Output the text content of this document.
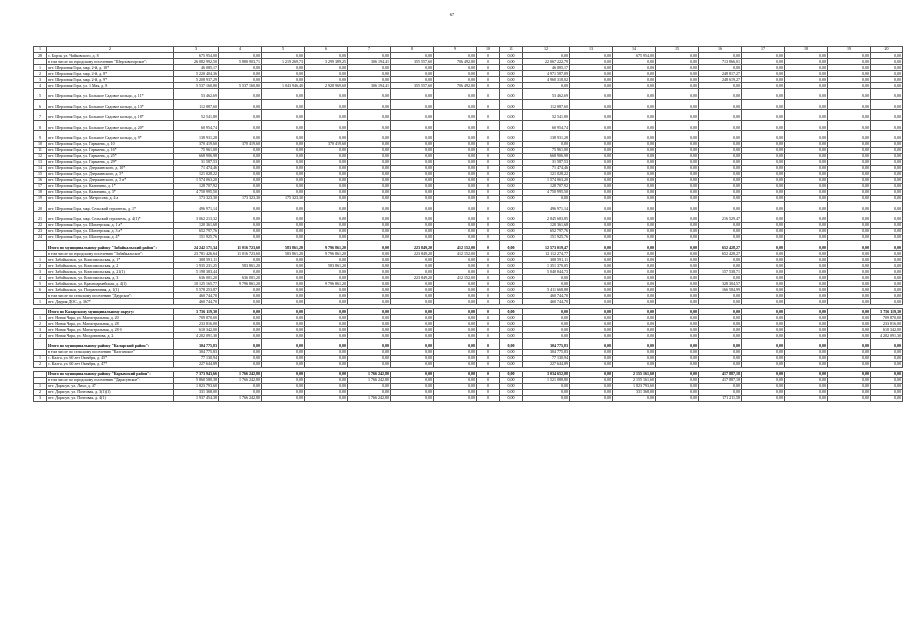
67
1	2	3	4	5	6	7	8	9	10	11	12	13	14	15	16	17	18	19	20
28	с. Борзя, ул. Чайковского, д. 8	675 954,00	0,00	0,00	0,00	0,00	0,00	0,00	0	0,00	0,00	0,00	675 954,00	0,00	0,00	0,00	0,00	0,00	0,00
	в том числе по городскому поселению "Шерловогорское":	26 082 992,50	5 880 903,71	1 219 269,73	3 299 389,25	306 194,41	355 557,60	706 492,80	0	0,00	22 067 222,79	0,00	0,00	0,00	713 866,01	0,00	0,00	0,00	0,00
1	пгт. Шерловая Гора, мкр. 2-й, д. 10*	46 085,17	0,00	0,00	0,00	0,00	0,00	0,00	0	0,00	46 085,17	0,00	0,00	0,00	0,00	0,00	0,00	0,00	0,00
2	пгт. Шерловая Гора, мкр. 2-й, д. 8*	5 220 404,36	0,00	0,00	0,00	0,00	0,00	0,00	0	0,00	4 971 587,09	0,00	0,00	0,00	248 817,27	0,00	0,00	0,00	0,00
3	пгт. Шерловая Гора, мкр. 2-й, д. 9*	5 208 937,29	0,00	0,00	0,00	0,00	0,00	0,00	0	0,00	4 960 318,02	0,00	0,00	0,00	248 619,27	0,00	0,00	0,00	0,00
4	пгт. Шерловая Гора, ул. 1 Мая, д. 8	5 537 160,80	5 537 160,80	1 043 946,40	2 928 969,60	306 194,41	355 557,60	706 492,80	0	0,00	0,00	0,00	0,00	0,00	0,00	0,00	0,00	0,00	0,00
5	пгт. Шерловая Гора, ул. Большое Садовое кольцо, д. 11*	53 462,69	0,00	0,00	0,00	0,00	0,00	0,00	0	0,00	53 462,69	0,00	0,00	0,00	0,00	0,00	0,00	0,00	0,00
6	пгт. Шерловая Гора, ул. Большое Садовое кольцо, д. 13*	112 887,60	0,00	0,00	0,00	0,00	0,00	0,00	0	0,00	112 887,60	0,00	0,00	0,00	0,00	0,00	0,00	0,00	0,00
7	пгт. Шерловая Гора, ул. Большое Садовое кольцо, д. 18*	52 541,80	0,00	0,00	0,00	0,00	0,00	0,00	0	0,00	52 541,80	0,00	0,00	0,00	0,00	0,00	0,00	0,00	0,00
8	пгт. Шерловая Гора, ул. Большое Садовое кольцо, д. 20*	60 954,74	0,00	0,00	0,00	0,00	0,00	0,00	0	0,00	60 954,74	0,00	0,00	0,00	0,00	0,00	0,00	0,00	0,00
9	пгт. Шерловая Гора, ул. Большое Садовое кольцо, д. 9*	138 931,28	0,00	0,00	0,00	0,00	0,00	0,00	0	0,00	138 931,28	0,00	0,00	0,00	0,00	0,00	0,00	0,00	0,00
10	пгт. Шерловая Гора, ул. Гармаева, д. 10	370 419,60	370 419,60	0,00	370 419,60	0,00	0,00	0,00	0	0,00	0,00	0,00	0,00	0,00	0,00	0,00	0,00	0,00	0,00
11	пгт. Шерловая Гора, ул. Гармаева, д. 16*	75 961,00	0,00	0,00	0,00	0,00	0,00	0,00	0	0,00	75 961,00	0,00	0,00	0,00	0,00	0,00	0,00	0,00	0,00
12	пгт. Шерловая Гора, ул. Гармаева, д. 25*	668 906,98	0,00	0,00	0,00	0,00	0,00	0,00	0	0,00	668 906,98	0,00	0,00	0,00	0,00	0,00	0,00	0,00	0,00
13	пгт. Шерловая Гора, ул. Гармаева, д. 29*	31 587,53	0,00	0,00	0,00	0,00	0,00	0,00	0	0,00	31 587,53	0,00	0,00	0,00	0,00	0,00	0,00	0,00	0,00
14	пгт. Шерловая Гора, ул. Дзержинского, д. 10*	71 474,46	0,00	0,00	0,00	0,00	0,00	0,00	0	0,00	71 474,46	0,00	0,00	0,00	0,00	0,00	0,00	0,00	0,00
15	пгт. Шерловая Гора, ул. Дзержинского, д. 5*	121 028,22	0,00	0,00	0,00	0,00	0,00	0,00	0	0,00	121 028,22	0,00	0,00	0,00	0,00	0,00	0,00	0,00	0,00
16	пгт. Шерловая Гора, ул. Дзержинского, д. 5 в*	1 574 063,20	0,00	0,00	0,00	0,00	0,00	0,00	0	0,00	1 574 063,20	0,00	0,00	0,00	0,00	0,00	0,00	0,00	0,00
17	пгт. Шерловая Гора, ул. Калинина, д. 1*	128 707,92	0,00	0,00	0,00	0,00	0,00	0,00	0	0,00	128 707,92	0,00	0,00	0,00	0,00	0,00	0,00	0,00	0,00
18	пгт. Шерловая Гора, ул. Калинина, д. 3*	4 750 995,50	0,00	0,00	0,00	0,00	0,00	0,00	0	0,00	4 750 995,50	0,00	0,00	0,00	0,00	0,00	0,00	0,00	0,00
19	пгт. Шерловая Гора, ул. Матросова, д. 4 а	173 323,30	173 323,30	175 323,30	0,00	0,00	0,00	0,00	0	0,00	0,00	0,00	0,00	0,00	0,00	0,00	0,00	0,00	0,00
20	пгт. Шерловая Гора, мкр. Сельский строитель, д. 1*	496 971,14	0,00	0,00	0,00	0,00	0,00	0,00	0	0,00	496 971,14	0,00	0,00	0,00	0,00	0,00	0,00	0,00	0,00
21	пгт. Шерловая Гора, мкр. Сельский строитель, д. 4(1)*	3 062 213,32	0,00	0,00	0,00	0,00	0,00	0,00	0	0,00	2 845 683,85	0,00	0,00	0,00	216 529,47	0,00	0,00	0,00	0,00
22	пгт. Шерловая Гора, ул. Шахтерская, д. 1 а*	120 361,68	0,00	0,00	0,00	0,00	0,00	0,00	0	0,00	120 361,68	0,00	0,00	0,00	0,00	0,00	0,00	0,00	0,00
23	пгт. Шерловая Гора, ул. Шахтерская, д. 3 а*	652 797,76	0,00	0,00	0,00	0,00	0,00	0,00	0	0,00	652 797,76	0,00	0,00	0,00	0,00	0,00	0,00	0,00	0,00
24	пгт. Шерловая Гора, ул. Шахтерская, д. 4*	151 925,76	0,00	0,00	0,00	0,00	0,00	0,00	0	0,00	151 925,76	0,00	0,00	0,00	0,00	0,00	0,00	0,00	0,00
	Итого по муниципальному району "Забайкальский район":	24 242 171,34	11 016 723,60	583 861,20	9 796 861,20	0,00	223 849,20	412 152,00	0	0,00	12 573 019,47	0,00	0,00	0,00	652 428,27	0,00	0,00	0,00	0,00
	в том числе по городскому поселению "Забайкальское":	23 781 426,64	11 016 723,60	583 861,20	9 796 861,20	0,00	223 849,20	412 152,00	0	0,00	12 112 274,77	0,00	0,00	0,00	652 428,27	0,00	0,00	0,00	0,00
1	пгт. Забайкальск, ул. Комсомольская, д. 1*	308 591,11	0,00	0,00	0,00	0,00	0,00	0,00	0	0,00	308 591,11	0,00	0,00	0,00	0,00	0,00	0,00	0,00	0,00
2	пгт. Забайкальск, ул. Комсомольская, д. 2	1 935 231,25	583 861,20	0,00	583 861,20	0,00	0,00	0,00	0	0,00	1 351 370,05	0,00	0,00	0,00	0,00	0,00	0,00	0,00	0,00
3	пгт. Забайкальск, ул. Комсомольская, д. 21(1)	5 198 383,44	0,00	0,00	0,00	0,00	0,00	0,00	0	0,00	5 040 844,73	0,00	0,00	0,00	157 538,71	0,00	0,00	0,00	0,00
4	пгт. Забайкальск, ул. Комсомольская, д. 3	636 001,20	636 001,20	0,00	0,00	0,00	223 849,20	412 152,00	0	0,00	0,00	0,00	0,00	0,00	0,00	0,00	0,00	0,00	0,00
5	пгт. Забайкальск, ул. Красноармейская, д. 4(1)	10 125 165,77	9 796 861,20	0,00	9 796 861,20	0,00	0,00	0,00	0	0,00	0,00	0,00	0,00	0,00	328 304,57	0,00	0,00	0,00	0,00
6	пгт. Забайкальск, ул. Пограничная, д. 1(1)	5 578 253,87	0,00	0,00	0,00	0,00	0,00	0,00	0	0,00	5 411 668,88	0,00	0,00	0,00	166 584,99	0,00	0,00	0,00	0,00
	в том числе по сельскому поселению "Даурское":	460 744,70	0,00	0,00	0,00	0,00	0,00	0,00	0	0,00	460 744,70	0,00	0,00	0,00	0,00	0,00	0,00	0,00	0,00
1	пгт. Даурия ДОС, д. 367*	460 744,70	0,00	0,00	0,00	0,00	0,00	0,00	0	0,00	460 744,70	0,00	0,00	0,00	0,00	0,00	0,00	0,00	0,00

	Итого по Каларскому муниципальному округу:	5 756 119,30	0,00	0,00	0,00	0,00	0,00	0,00	0	0,00	0,00	0,00	0,00	0,00	0,00	0,00	0,00	0,00	5 756 119,30
1	пгт. Новая Чара, ул. Магистральная, д. 20	709 870,00	0,00	0,00	0,00	0,00	0,00	0,00	0	0,00	0,00	0,00	0,00	0,00	0,00	0,00	0,00	0,00	709 870,00
2	пгт. Новая Чара, ул. Магистральная, д. 28	233 816,00	0,00	0,00	0,00	0,00	0,00	0,00	0	0,00	0,00	0,00	0,00	0,00	0,00	0,00	0,00	0,00	233 816,00
3	пгт. Новая Чара, ул. Магистральная, д. 28 б	610 342,00	0,00	0,00	0,00	0,00	0,00	0,00	0	0,00	0,00	0,00	0,00	0,00	0,00	0,00	0,00	0,00	610 342,00
4	пгт. Новая Чара, ул. Молдованова, д. 2	4 202 091,30	0,00	0,00	0,00	0,00	0,00	0,00	0	0,00	0,00	0,00	0,00	0,00	0,00	0,00	0,00	0,00	4 202 091,30
	Итого по муниципальному району "Каларский район":	304 775,83	0,00	0,00	0,00	0,00	0,00	0,00	0	0,00	304 775,83	0,00	0,00	0,00	0,00	0,00	0,00	0,00	0,00
	в том числе по сельскому поселению "Калганское"	304 775,83	0,00	0,00	0,00	0,00	0,00	0,00	0	0,00	304 775,83	0,00	0,00	0,00	0,00	0,00	0,00	0,00	0,00
1	с. Калга, ул. 60 лет Октября, д. 45*	77 130,94	0,00	0,00	0,00	0,00	0,00	0,00	0	0,00	77 130,94	0,00	0,00	0,00	0,00	0,00	0,00	0,00	0,00
2	с. Калга, ул. 60 лет Октября, д. 47*	227 644,89	0,00	0,00	0,00	0,00	0,00	0,00	0	0,00	227 644,89	0,00	0,00	0,00	0,00	0,00	0,00	0,00	0,00

	Итого по муниципальному району "Карымский район":	7 373 943,66	1 766 242,80	0,00	0,00	1 766 242,80	0,00	0,00	0	0,00	3 034 652,08	0,00	2 155 161,60	0,00	417 887,18	0,00	0,00	0,00	0,00
	в том числе по городскому поселению "Дарасунское":	5 860 580,38	1 766 242,80	0,00	0,00	1 766 242,80	0,00	0,00	0	0,00	1 521 088,80	0,00	2 155 161,60	0,00	417 887,18	0,00	0,00	0,00	0,00
1	пгт. Дарасун, ул. Лиха, д. 47	1 823 793,60	0,00	0,00	0,00	0,00	0,00	0,00	0	0,00	0,00	0,00	1 823 793,60	0,00	0,00	0,00	0,00	0,00	0,00
2	пгт. Дарасун, ул. Почтовая, д. 3(1)(1)	331 368,00	0,00	0,00	0,00	0,00	0,00	0,00	0	0,00	0,00	0,00	331 368,00	0,00	0,00	0,00	0,00	0,00	0,00
3	пгт. Дарасун, ул. Почтовая, д. 4(1)	1 937 454,38	1 766 242,80	0,00	0,00	1 766 242,80	0,00	0,00	0	0,00	0,00	0,00	0,00	0,00	171 211,58	0,00	0,00	0,00	0,00
